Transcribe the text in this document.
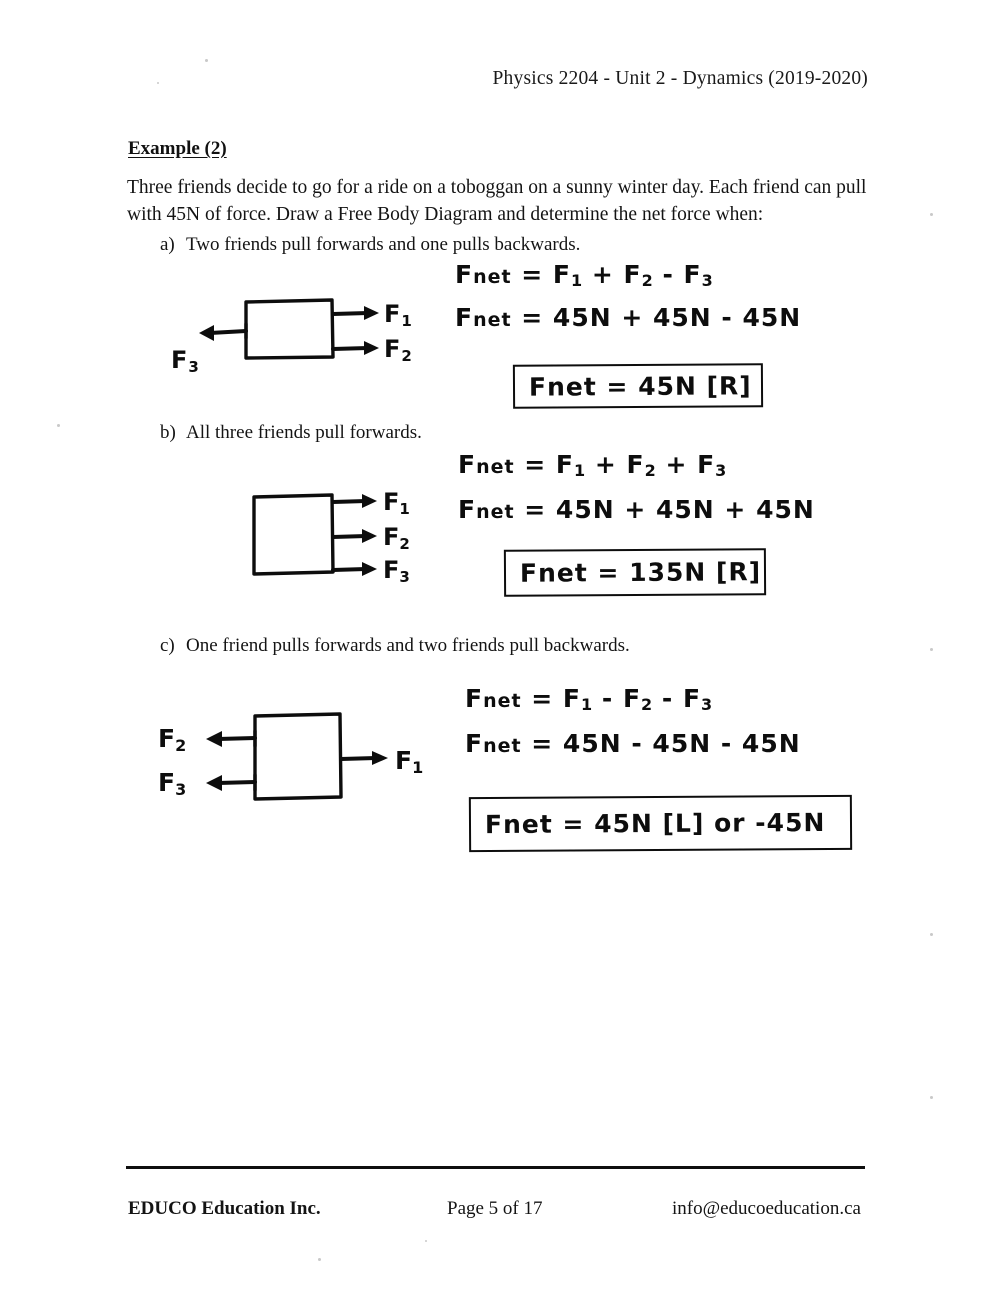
Physics 2204 - Unit 2 - Dynamics (2019-2020)
Example (2)
Three friends decide to go for a ride on a toboggan on a sunny winter day. Each friend can pull with 45N of force. Draw a Free Body Diagram and determine the net force when:
a) Two friends pull forwards and one pulls backwards.
F1
F2
F3
Fnet = F1 + F2 - F3
Fnet = 45N + 45N - 45N
Fnet = 45N [R]
b) All three friends pull forwards.
F1
F2
F3
Fnet = F1 + F2 + F3
Fnet = 45N + 45N + 45N
Fnet = 135N [R]
c) One friend pulls forwards and two friends pull backwards.
F2
F3
F1
Fnet = F1 - F2 - F3
Fnet = 45N - 45N - 45N
Fnet = 45N [L] or -45N
EDUCO Education Inc.	Page 5 of 17	info@educoeducation.ca
